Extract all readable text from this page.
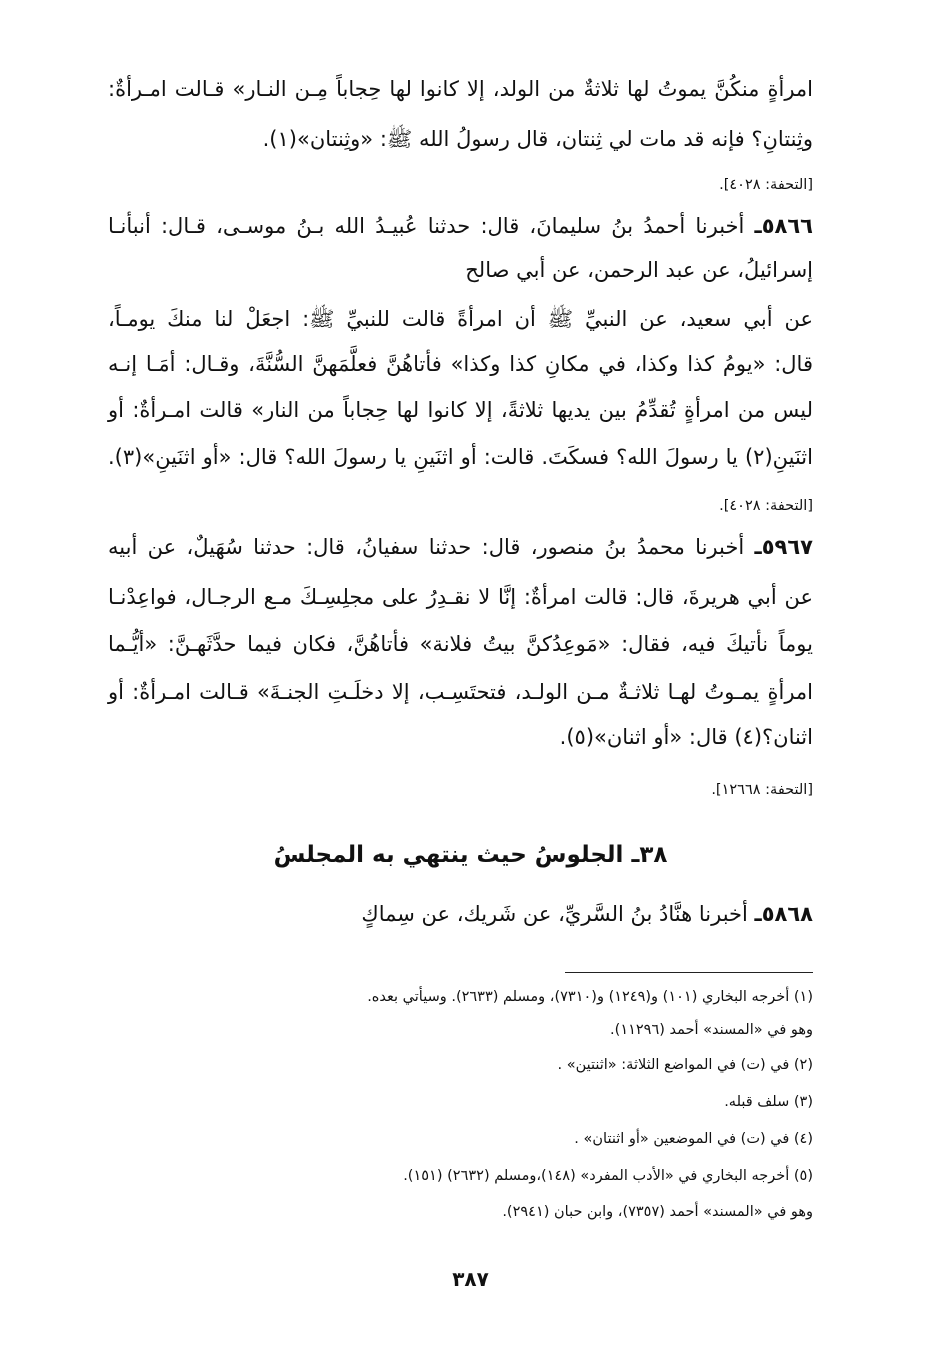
امرأةٍ منكُنَّ يموتُ لها ثلاثةٌ من الولد، إلا كانوا لها حِجاباً مِـن النـار» قـالت امـرأةٌ:
وثِنتانِ؟ فإنه قد مات لي ثِنتان، قال رسولُ الله ﷺ: «وثِنتان»(١).
[التحفة: ٤٠٢٨].
٥٨٦٦ـ أخبرنا أحمدُ بنُ سليمانَ، قال: حدثنا عُبيـدُ الله بـنُ موسـى، قـال: أنبأنـا
إسرائيلُ، عن عبد الرحمن، عن أبي صالح
عن أبي سعيد، عن النبيِّ ﷺ أن امرأةً قالت للنبيِّ ﷺ: اجعَلْ لنا منكَ يومـاً،
قال: «يومُ كذا وكذا، في مكانِ كذا وكذا» فأتاهُنَّ فعلَّمَهنَّ السُّنَّةَ، وقـال: أمَـا إنـه
ليس من امرأةٍ تُقدِّمُ بين يديها ثلاثةً، إلا كانوا لها حِجاباً من النار» قالت امـرأةٌ: أو
اثنَينِ(٢) يا رسولَ الله؟ فسكَتَ. قالت: أو اثنَينِ يا رسولَ الله؟ قال: «أو اثنَينِ»(٣).
[التحفة: ٤٠٢٨].
٥٩٦٧ـ أخبرنا محمدُ بنُ منصور، قال: حدثنا سفيانُ، قال: حدثنا سُهَيلٌ، عن أبيه
عن أبي هريرةَ، قال: قالت امرأةٌ: إنَّا لا نقـدِرُ على مجلِسِـكَ مـع الرجـال، فواعِدْنـا
يوماً نأتيكَ فيه، فقال: «مَوعِدُكنَّ بيتُ فلانة» فأتاهُنَّ، فكان فيما حدَّثَهـنَّ: «أيُّـما
امرأةٍ يمـوتُ لهـا ثلاثـةٌ مـن الولـد، فتحتَسِـب، إلا دخلَـتِ الجنـةَ» قـالت امـرأةٌ: أو
اثنان؟(٤) قال: «أو اثنان»(٥).
[التحفة: ١٢٦٦٨].
٣٨ـ الجلوسُ حيث ينتهي به المجلسُ
٥٨٦٨ـ أخبرنا هنَّادُ بنُ السَّريِّ، عن شَريك، عن سِماكٍ
(١) أخرجه البخاري (١٠١) و(١٢٤٩) و(٧٣١٠)، ومسلم (٢٦٣٣). وسيأتي بعده.
وهو في «المسند» أحمد (١١٢٩٦).
(٢) في (ت) في المواضع الثلاثة: «اثنتين» .
(٣) سلف قبله.
(٤) في (ت) في الموضعين «أو اثنتان» .
(٥) أخرجه البخاري في «الأدب المفرد» (١٤٨)،ومسلم (٢٦٣٢) (١٥١).
وهو في «المسند» أحمد (٧٣٥٧)، وابن حبان (٢٩٤١).
٣٨٧
